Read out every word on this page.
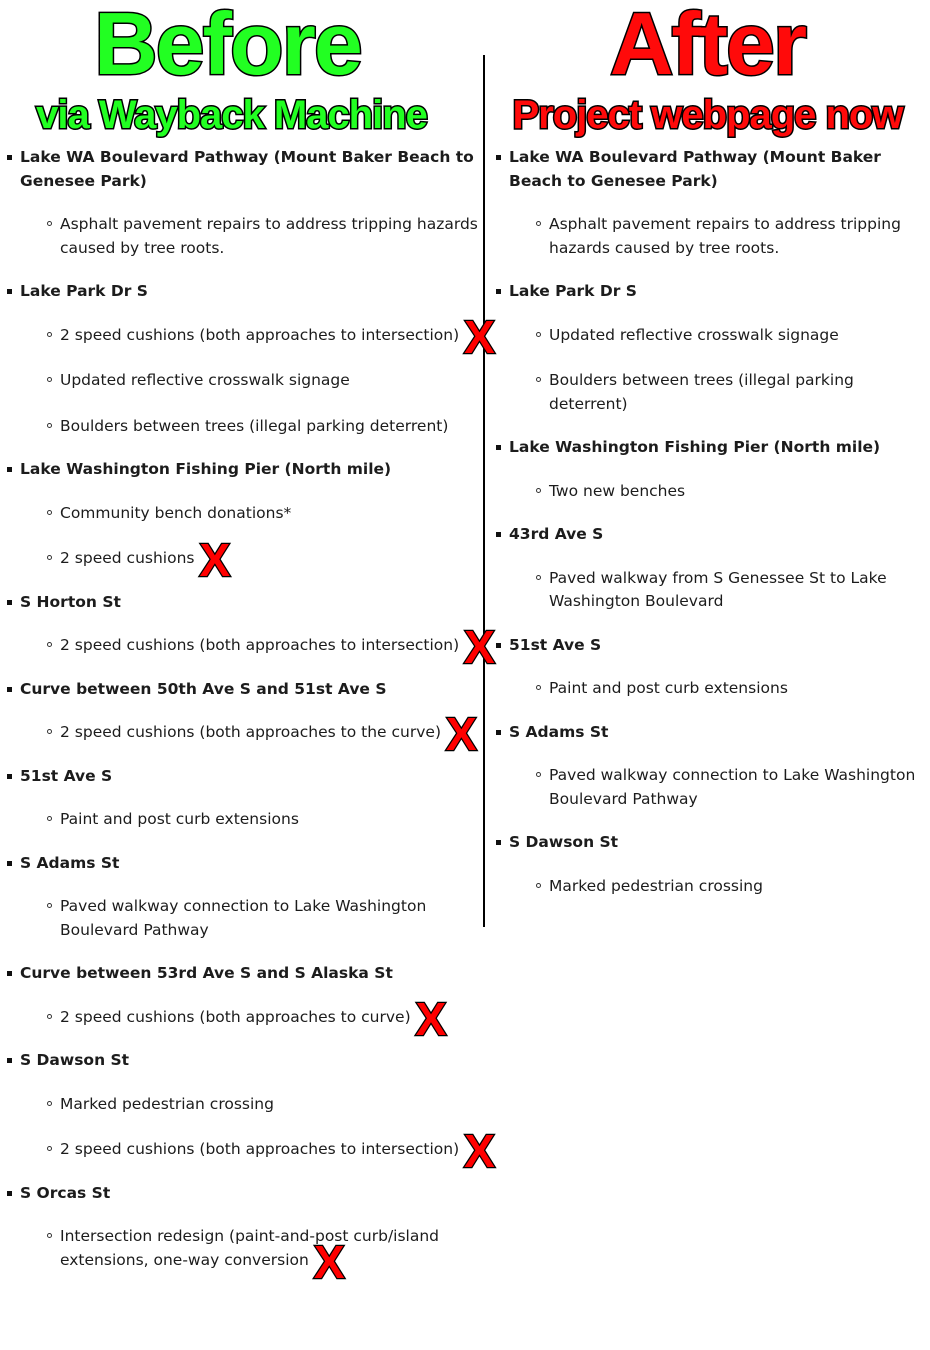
Before
via Wayback Machine
After
Project webpage now
Lake WA Boulevard Pathway (Mount Baker Beach to Genesee Park)
Asphalt pavement repairs to address tripping hazards caused by tree roots.
Lake Park Dr S
2 speed cushions (both approaches to intersection) X
Updated reflective crosswalk signage
Boulders between trees (illegal parking deterrent)
Lake Washington Fishing Pier (North mile)
Community bench donations*
2 speed cushions X
S Horton St
2 speed cushions (both approaches to intersection) X
Curve between 50th Ave S and 51st Ave S
2 speed cushions (both approaches to the curve) X
51st Ave S
Paint and post curb extensions
S Adams St
Paved walkway connection to Lake Washington Boulevard Pathway
Curve between 53rd Ave S and S Alaska St
2 speed cushions (both approaches to curve) X
S Dawson St
Marked pedestrian crossing
2 speed cushions (both approaches to intersection) X
S Orcas St
Intersection redesign (paint-and-post curb/island extensions, one-way conversion X
Lake WA Boulevard Pathway (Mount Baker Beach to Genesee Park)
Asphalt pavement repairs to address tripping hazards caused by tree roots.
Lake Park Dr S
Updated reflective crosswalk signage
Boulders between trees (illegal parking deterrent)
Lake Washington Fishing Pier (North mile)
Two new benches
43rd Ave S
Paved walkway from S Genessee St to Lake Washington Boulevard
51st Ave S
Paint and post curb extensions
S Adams St
Paved walkway connection to Lake Washington Boulevard Pathway
S Dawson St
Marked pedestrian crossing
